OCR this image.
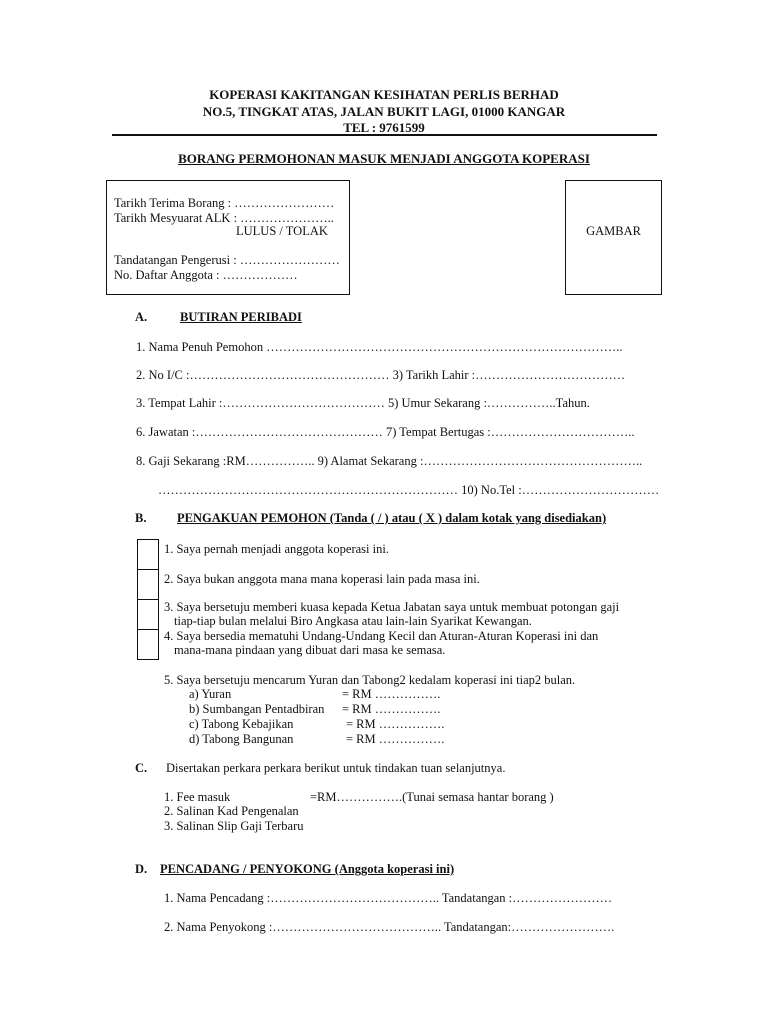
KOPERASI KAKITANGAN KESIHATAN PERLIS BERHAD
NO.5, TINGKAT ATAS, JALAN BUKIT LAGI, 01000 KANGAR
TEL : 9761599
BORANG PERMOHONAN MASUK MENJADI ANGGOTA KOPERASI
Tarikh Terima Borang : ……………………
Tarikh Mesyuarat ALK : …………………..
LULUS / TOLAK
Tandatangan Pengerusi : ……………………
No. Daftar Anggota : ………………
GAMBAR
A.	BUTIRAN PERIBADI
1. Nama Penuh Pemohon …………………………………………………………………………..
2. No I/C :………………………………………… 3) Tarikh Lahir :………………………………
3. Tempat Lahir :………………………………… 5) Umur Sekarang :……………..Tahun.
6. Jawatan :……………………………………… 7) Tempat Bertugas :……………………………..
8. Gaji Sekarang :RM…………….. 9) Alamat Sekarang :……………………………………………..
……………………………………………………………… 10) No.Tel :……………………………
B. PENGAKUAN PEMOHON (Tanda ( / ) atau ( X ) dalam kotak yang disediakan)
1. Saya pernah menjadi anggota koperasi ini.
2. Saya bukan anggota mana mana koperasi lain pada masa ini.
3. Saya bersetuju memberi kuasa kepada Ketua Jabatan saya untuk membuat potongan gaji
tiap-tiap bulan melalui Biro Angkasa atau lain-lain Syarikat Kewangan.
4. Saya bersedia mematuhi Undang-Undang Kecil dan Aturan-Aturan Koperasi ini dan
mana-mana pindaan yang dibuat dari masa ke semasa.
5. Saya bersetuju mencarum Yuran dan Tabong2 kedalam koperasi ini tiap2 bulan.
a) Yuran	= RM …………….
b) Sumbangan Pentadbiran = RM …………….
c) Tabong Kebajikan	= RM …………….
d) Tabong Bangunan	= RM …………….
C. Disertakan perkara perkara berikut untuk tindakan tuan selanjutnya.
1. Fee masuk	=RM…………….(Tunai semasa hantar borang )
2. Salinan Kad Pengenalan
3. Salinan Slip Gaji Terbaru
D. PENCADANG / PENYOKONG (Anggota koperasi ini)
1. Nama Pencadang :………………………………….. Tandatangan :……………………
2. Nama Penyokong :………………………………….. Tandatangan:…………………….
